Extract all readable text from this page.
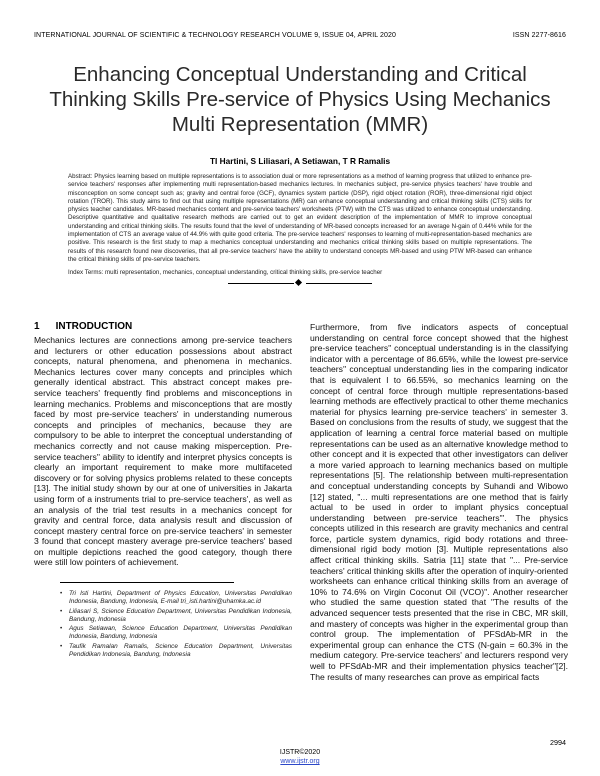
INTERNATIONAL JOURNAL OF SCIENTIFIC & TECHNOLOGY RESEARCH VOLUME 9, ISSUE 04, APRIL 2020	ISSN 2277-8616
Enhancing Conceptual Understanding and Critical Thinking Skills Pre-service of Physics Using Mechanics Multi Representation (MMR)
TI Hartini, S Liliasari, A Setiawan, T R Ramalis
Abstract: Physics learning based on multiple representations is to association dual or more representations as a method of learning progress that utilized to enhance pre-service teachers' responses after implementing multi representation-based mechanics lectures. In mechanics subject, pre-service physics teachers' have trouble and misconception on some concept such as; gravity and central force (GCF), dynamics system particle (DSP), rigid object rotation (ROR), three-dimensional rigid object rotation (TROR). This study aims to find out that using multiple representations (MR) can enhance conceptual understanding and critical thinking skills (CTS) skills for physics teacher candidates. MR-based mechanics content and pre-service teachers' worksheets (PTW) with the CTS was utilized to enhance conceptual understanding. Descriptive quantitative and qualitative research methods are carried out to get an evident description of the implementation of MMR to improve conceptual understanding and critical thinking skills. The results found that the level of understanding of MR-based concepts increased for an average N-gain of 0.44% while for the implementation of CTS an average value of 44.9% with quite good criteria. The pre-service teachers' responses to learning of multi-representation-based mechanics are positive. This research is the first study to map a mechanics conceptual understanding and mechanics critical thinking skills based on multiple representations. The results of this research found new discoveries, that all pre-service teachers' have the ability to understand concepts MR-based and using PTW MR-based can enhance the critical thinking skills of pre-service teachers.
Index Terms: multi representation, mechanics, conceptual understanding, critical thinking skills, pre-service teacher
1 INTRODUCTION
Mechanics lectures are connections among pre-service teachers and lecturers or other education possessions about abstract concepts, natural phenomena, and phenomena in mechanics. Mechanics lectures cover many concepts and principles which generally identical abstract. This abstract concept makes pre-service teachers' frequently find problems and misconceptions in learning mechanics. Problems and misconceptions that are mostly faced by most pre-service teachers' in understanding numerous concepts and principles of mechanics, because they are compulsory to be able to interpret the conceptual understanding of mechanics correctly and not cause making misperception. Pre-service teachers'' ability to identify and interpret physics concepts is clearly an important requirement to make more multifaceted discovery or for solving physics problems related to these concepts [13]. The initial study shown by our at one of universities in Jakarta using form of a instruments trial to pre-service teachers', as well as an analysis of the trial test results in a mechanics concept for gravity and central force, data analysis result and discussion of concept mastery central force on pre-service teachers' in semester 3 found that concept mastery average pre-service teachers' based on multiple depictions reached the good category, though there were still low pointers of achievement.
Furthermore, from five indicators aspects of conceptual understanding on central force concept showed that the highest pre-service teachers'' conceptual understanding is in the classifying indicator with a percentage of 86.65%, while the lowest pre-service teachers'' conceptual understanding lies in the comparing indicator that is equivalent l to 66.55%, so mechanics learning on the concept of central force through multiple representations-based learning methods are effectively practical to other theme mechanics material for physics learning pre-service teachers' in semester 3. Based on conclusions from the results of study, we suggest that the application of learning a central force material based on multiple representations can be used as an alternative knowledge method to other concept and it is expected that other investigators can deliver a more varied approach to learning mechanics based on multiple representations [5]. The relationship between multi-representation and conceptual understanding concepts by Suhandi and Wibowo [12] stated, "... multi representations are one method that is fairly actual to be used in order to implant physics conceptual understanding between pre-service teachers'". The physics concepts utilized in this research are gravity mechanics and central force, particle system dynamics, rigid body rotations and three-dimensional rigid body motion [3]. Multiple representations also affect critical thinking skills. Satria [11] state that "... Pre-service teachers' critical thinking skills after the operation of inquiry-oriented worksheets can enhance critical thinking skills from an average of 10% to 74.6% on Virgin Coconut Oil (VCO)". Another researcher who studied the same question stated that "The results of the advanced sequencer tests presented that the rise in CBC, MR skill, and mastery of concepts was higher in the experimental group than control group. The implementation of PFSdAb-MR in the experimental group can enhance the CTS (N-gain = 60.3% in the medium category. Pre-service teachers' and lecturers respond very well to PFSdAb-MR and their implementation physics teacher"[2]. The results of many researches can prove as empirical facts
• Tri Isti Hartini, Department of Physics Education, Universitas Pendidikan Indonesia, Bandung, Indonesia, E-mail tri_isti.hartini@uhamka.ac.id
• Liliasari S, Science Education Department, Universitas Pendidikan Indonesia, Bandung, Indonesia
• Agus Setiawan, Science Education Department, Universitas Pendidikan Indonesia, Bandung, Indonesia
• Taufik Ramalan Ramalis, Science Education Department, Universitas Pendidikan Indonesia, Bandung, Indonesia
2994
IJSTR©2020
www.ijstr.org
